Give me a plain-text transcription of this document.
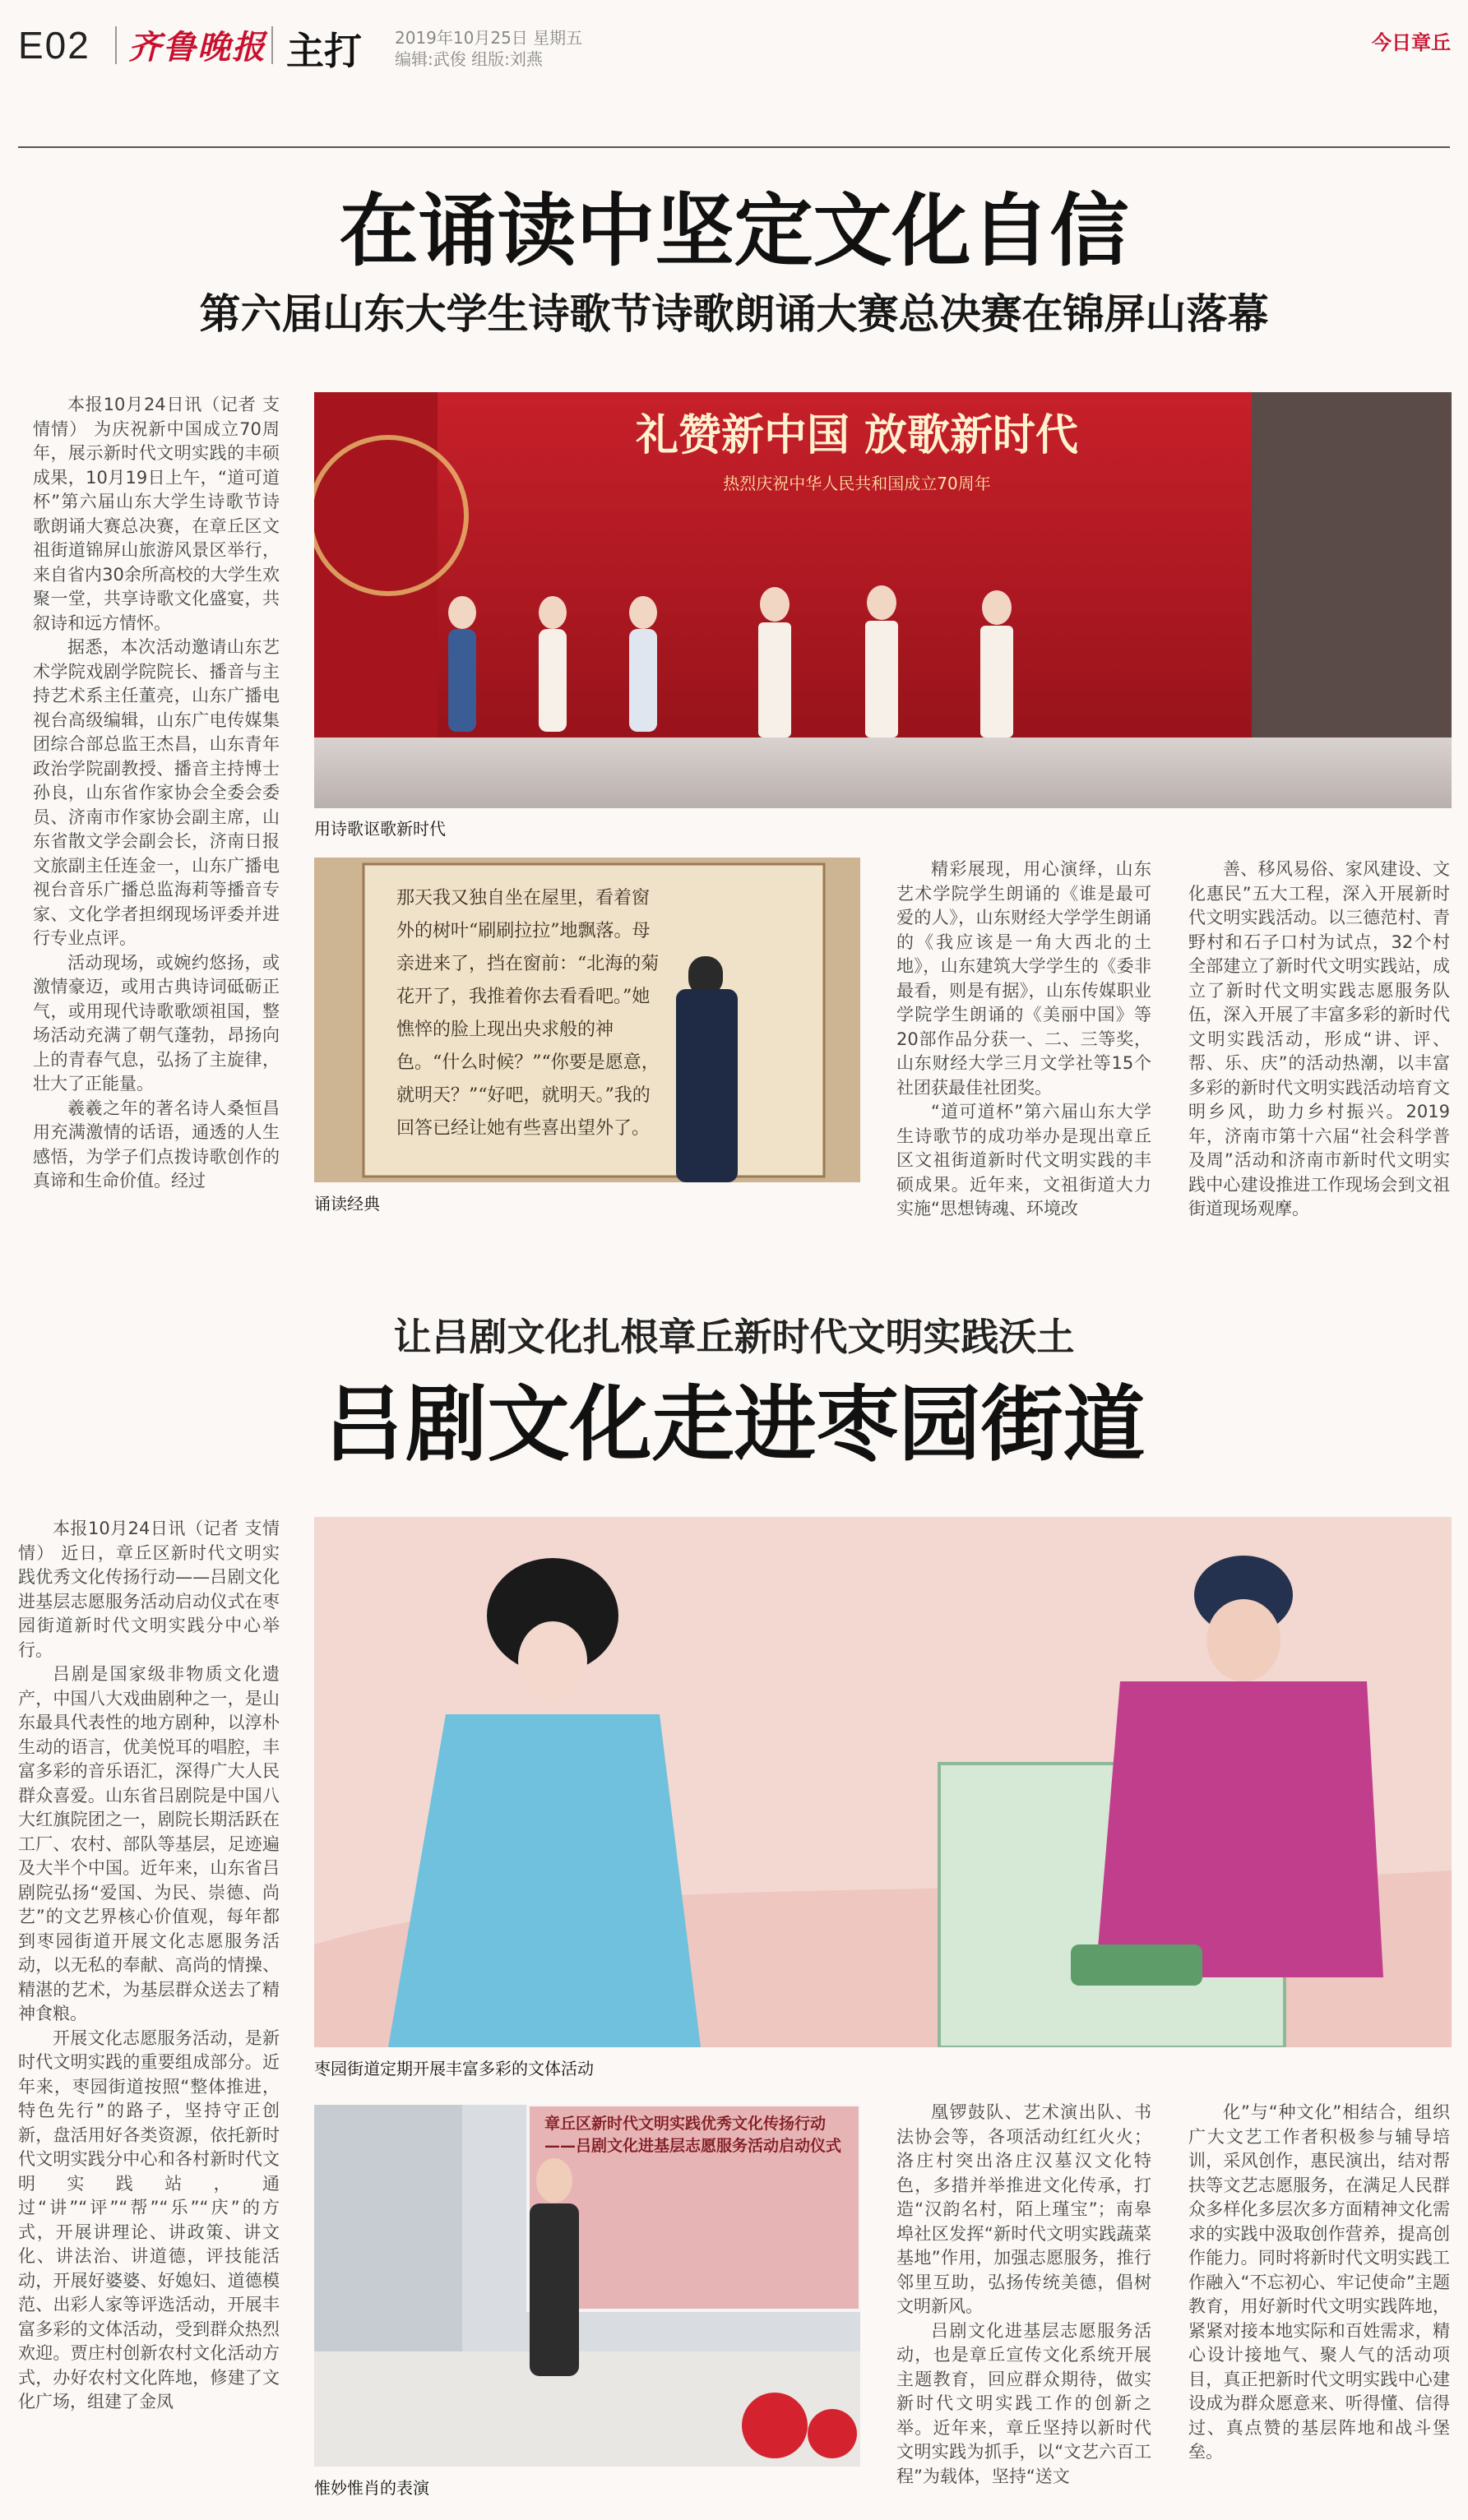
E02 齐鲁晚报 主打 2019年10月25日 星期五
编辑:武俊 组版:刘燕
今日章丘
在诵读中坚定文化自信
第六届山东大学生诗歌节诗歌朗诵大赛总决赛在锦屏山落幕

本报10月24日讯（记者 支情情） 为庆祝新中国成立70周年，展示新时代文明实践的丰硕成果，10月19日上午，“道可道杯”第六届山东大学生诗歌节诗歌朗诵大赛总决赛，在章丘区文祖街道锦屏山旅游风景区举行，来自省内30余所高校的大学生欢聚一堂，共享诗歌文化盛宴，共叙诗和远方情怀。

据悉，本次活动邀请山东艺术学院戏剧学院院长、播音与主持艺术系主任董亮，山东广播电视台高级编辑，山东广电传媒集团综合部总监王杰昌，山东青年政治学院副教授、播音主持博士孙良，山东省作家协会全委会委员、济南市作家协会副主席，山东省散文学会副会长，济南日报文旅副主任连金一，山东广播电视台音乐广播总监海莉等播音专家、文化学者担纲现场评委并进行专业点评。

活动现场，或婉约悠扬，或激情豪迈，或用古典诗词砥砺正气，或用现代诗歌歌颂祖国，整场活动充满了朝气蓬勃，昂扬向上的青春气息，弘扬了主旋律，壮大了正能量。

羲羲之年的著名诗人桑恒昌用充满激情的话语，通透的人生感悟，为学子们点拨诗歌创作的真谛和生命价值。经过

礼赞新中国 放歌新时代
热烈庆祝中华人民共和国成立70周年
用诗歌讴歌新时代
那天我又独自坐在屋里，看着窗外的树叶“刷刷拉拉”地飘落。母亲进来了，挡在窗前：“北海的菊花开了，我推着你去看看吧。”她憔悴的脸上现出央求般的神色。“什么时候？”“你要是愿意，就明天？”“好吧，就明天。”我的回答已经让她有些喜出望外了。
诵读经典

精彩展现，用心演绎，山东艺术学院学生朗诵的《谁是最可爱的人》，山东财经大学学生朗诵的《我应该是一角大西北的土地》，山东建筑大学学生的《委非最看，则是有据》，山东传媒职业学院学生朗诵的《美丽中国》等20部作品分获一、二、三等奖，山东财经大学三月文学社等15个社团获最佳社团奖。

“道可道杯”第六届山东大学生诗歌节的成功举办是现出章丘区文祖街道新时代文明实践的丰硕成果。近年来，文祖街道大力实施“思想铸魂、环境改

善、移风易俗、家风建设、文化惠民”五大工程，深入开展新时代文明实践活动。以三德范村、青野村和石子口村为试点，32个村全部建立了新时代文明实践站，成立了新时代文明实践志愿服务队伍，深入开展了丰富多彩的新时代文明实践活动，形成“讲、评、帮、乐、庆”的活动热潮，以丰富多彩的新时代文明实践活动培育文明乡风，助力乡村振兴。2019年，济南市第十六届“社会科学普及周”活动和济南市新时代文明实践中心建设推进工作现场会到文祖街道现场观摩。

让吕剧文化扎根章丘新时代文明实践沃土
吕剧文化走进枣园街道

本报10月24日讯（记者 支情情） 近日，章丘区新时代文明实践优秀文化传扬行动——吕剧文化进基层志愿服务活动启动仪式在枣园街道新时代文明实践分中心举行。

吕剧是国家级非物质文化遗产，中国八大戏曲剧种之一，是山东最具代表性的地方剧种，以淳朴生动的语言，优美悦耳的唱腔，丰富多彩的音乐语汇，深得广大人民群众喜爱。山东省吕剧院是中国八大红旗院团之一，剧院长期活跃在工厂、农村、部队等基层，足迹遍及大半个中国。近年来，山东省吕剧院弘扬“爱国、为民、崇德、尚艺”的文艺界核心价值观，每年都到枣园街道开展文化志愿服务活动，以无私的奉献、高尚的情操、精湛的艺术，为基层群众送去了精神食粮。

开展文化志愿服务活动，是新时代文明实践的重要组成部分。近年来，枣园街道按照“整体推进，特色先行”的路子，坚持守正创新，盘活用好各类资源，依托新时代文明实践分中心和各村新时代文明实践站，通过“讲”“评”“帮”“乐”“庆”的方式，开展讲理论、讲政策、讲文化、讲法治、讲道德，评技能活动，开展好婆婆、好媳妇、道德模范、出彩人家等评选活动，开展丰富多彩的文体活动，受到群众热烈欢迎。贾庄村创新农村文化活动方式，办好农村文化阵地，修建了文化广场，组建了金凤

枣园街道定期开展丰富多彩的文体活动
章丘区新时代文明实践优秀文化传扬行动——吕剧文化进基层志愿服务活动启动仪式
惟妙惟肖的表演

凰锣鼓队、艺术演出队、书法协会等，各项活动红红火火；洛庄村突出洛庄汉墓汉文化特色，多措并举推进文化传承，打造“汉韵名村，陌上瑾宝”；南皋埠社区发挥“新时代文明实践蔬菜基地”作用，加强志愿服务，推行邻里互助，弘扬传统美德，倡树文明新风。

吕剧文化进基层志愿服务活动，也是章丘宣传文化系统开展主题教育，回应群众期待，做实新时代文明实践工作的创新之举。近年来，章丘坚持以新时代文明实践为抓手，以“文艺六百工程”为载体，坚持“送文

化”与“种文化”相结合，组织广大文艺工作者积极参与辅导培训，采风创作，惠民演出，结对帮扶等文艺志愿服务，在满足人民群众多样化多层次多方面精神文化需求的实践中汲取创作营养，提高创作能力。同时将新时代文明实践工作融入“不忘初心、牢记使命”主题教育，用好新时代文明实践阵地，紧紧对接本地实际和百姓需求，精心设计接地气、聚人气的活动项目，真正把新时代文明实践中心建设成为群众愿意来、听得懂、信得过、真点赞的基层阵地和战斗堡垒。
